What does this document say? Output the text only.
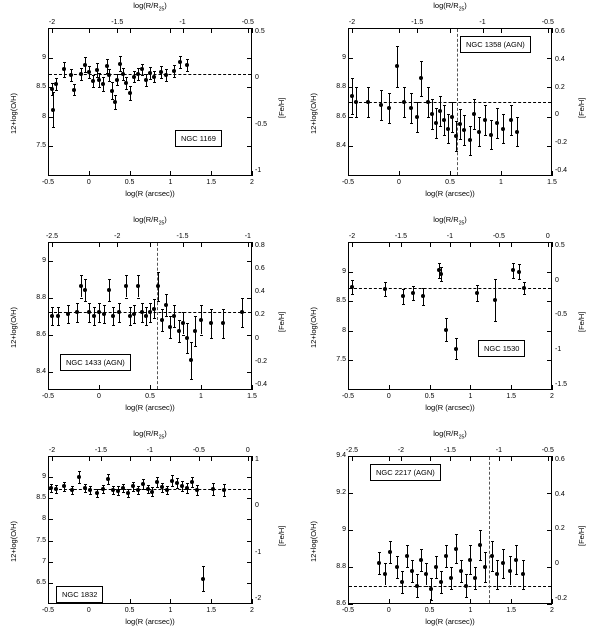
-0.5	0	0.5	1	1.5	2
-2	-1.5	-1	-0.5
7.5
8
8.5
9
-1
-0.5
0
0.5
log(R (arcsec))
$\log(R/R_{25})$
12+log(O/H)	[Fe/H]
NGC 1169
-0.5	0	0.5	1	1.5
-2	-1.5	-1	-0.5
8.4
8.6
8.8
9
-0.4
-0.2
0
0.2
0.4
0.6
log(R (arcsec))
$\log(R/R_{25})$
12+log(O/H)	[Fe/H]
NGC 1358 (AGN)
-0.5	0	0.5	1	1.5
-2.5	-2	-1.5	-1
8.4
8.6
8.8
9
-0.4
-0.2
0
0.2
0.4
0.6
0.8
log(R (arcsec))
$\log(R/R_{25})$
12+log(O/H)	[Fe/H]
NGC 1433 (AGN)
-0.5	0	0.5	1	1.5	2
-2	-1.5	-1	-0.5	0
7.5
8
8.5
9
-1.5
-1
-0.5
0
0.5
log(R (arcsec))
$\log(R/R_{25})$
12+log(O/H)	[Fe/H]
NGC 1530
-0.5	0	0.5	1	1.5	2
-2	-1.5	-1	-0.5	0
6.5
7
7.5
8
8.5
9
-2
-1
0
1
log(R (arcsec))
$\log(R/R_{25})$
12+log(O/H)	[Fe/H]
NGC 1832
-0.5	0	0.5	1	1.5	2
-2.5	-2	-1.5	-1	-0.5
8.6
8.8
9
9.2
9.4
-0.2
0
0.2
0.4
0.6
log(R (arcsec))
$\log(R/R_{25})$
12+log(O/H)	[Fe/H]
NGC 2217 (AGN)
